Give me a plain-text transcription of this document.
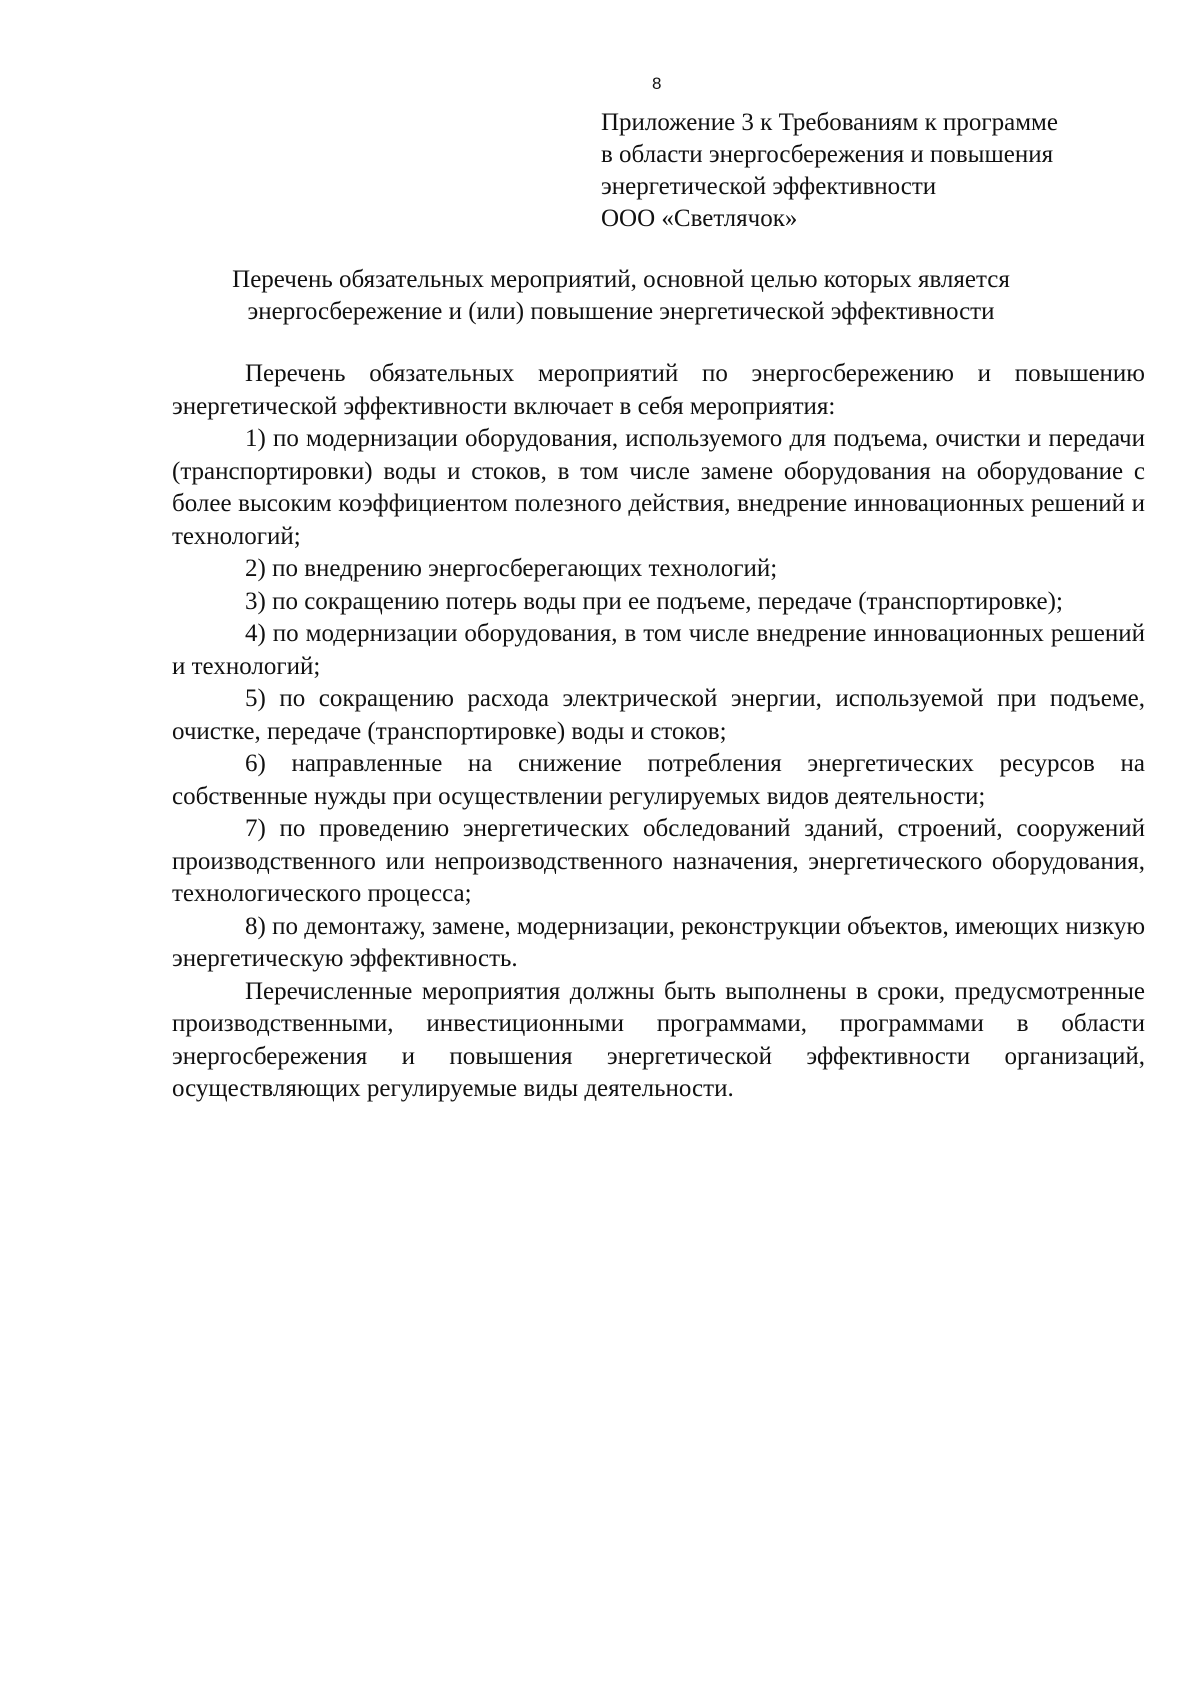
8
Приложение 3 к Требованиям к программе
в области энергосбережения и повышения
энергетической эффективности
ООО «Светлячок»
Перечень обязательных мероприятий, основной целью которых является
энергосбережение и (или) повышение энергетической эффективности

Перечень обязательных мероприятий по энергосбережению и повышению энергетической эффективности включает в себя мероприятия:

1) по модернизации оборудования, используемого для подъема, очистки и передачи (транспортировки) воды и стоков, в том числе замене оборудования на оборудование с более высоким коэффициентом полезного действия, внедрение инновационных решений и технологий;

2) по внедрению энергосберегающих технологий;

3) по сокращению потерь воды при ее подъеме, передаче (транспортировке);

4) по модернизации оборудования, в том числе внедрение инновационных решений и технологий;

5) по сокращению расхода электрической энергии, используемой при подъеме, очистке, передаче (транспортировке) воды и стоков;

6) направленные на снижение потребления энергетических ресурсов на собственные нужды при осуществлении регулируемых видов деятельности;

7) по проведению энергетических обследований зданий, строений, сооружений производственного или непроизводственного назначения, энергетического оборудования, технологического процесса;

8) по демонтажу, замене, модернизации, реконструкции объектов, имеющих низкую энергетическую эффективность.

Перечисленные мероприятия должны быть выполнены в сроки, предусмотренные производственными, инвестиционными программами, программами в области энергосбережения и повышения энергетической эффективности организаций, осуществляющих регулируемые виды деятельности.
